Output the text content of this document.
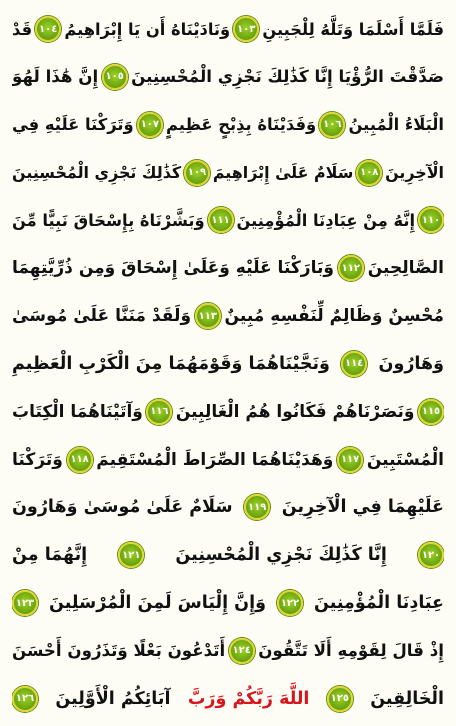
فَلَمَّا أَسْلَمَا وَتَلَّهُ لِلْجَبِينِ
١٠٣
وَنَادَيْنَاهُ أَن يَا إِبْرَاهِيمُ
١٠٤
قَدْ
صَدَّقْتَ الرُّؤْيَا إِنَّا كَذَٰلِكَ نَجْزِي الْمُحْسِنِينَ
١٠٥
إِنَّ هَٰذَا لَهُوَ
الْبَلَاءُ الْمُبِينُ
١٠٦
وَفَدَيْنَاهُ بِذِبْحٍ عَظِيمٍ
١٠٧
وَتَرَكْنَا عَلَيْهِ فِي
الْآخِرِينَ
١٠٨
سَلَامٌ عَلَىٰ إِبْرَاهِيمَ
١٠٩
كَذَٰلِكَ نَجْزِي الْمُحْسِنِينَ
١١٠
إِنَّهُ مِنْ عِبَادِنَا الْمُؤْمِنِينَ
١١١
وَبَشَّرْنَاهُ بِإِسْحَاقَ نَبِيًّا مِّنَ
الصَّالِحِينَ
١١٢
وَبَارَكْنَا عَلَيْهِ وَعَلَىٰ إِسْحَاقَ وَمِن ذُرِّيَّتِهِمَا
مُحْسِنٌ وَظَالِمٌ لِّنَفْسِهِ مُبِينٌ
١١٣
وَلَقَدْ مَنَنَّا عَلَىٰ مُوسَىٰ
وَهَارُونَ
١١٤
وَنَجَّيْنَاهُمَا وَقَوْمَهُمَا مِنَ الْكَرْبِ الْعَظِيمِ
١١٥
وَنَصَرْنَاهُمْ فَكَانُوا هُمُ الْغَالِبِينَ
١١٦
وَآتَيْنَاهُمَا الْكِتَابَ
الْمُسْتَبِينَ
١١٧
وَهَدَيْنَاهُمَا الصِّرَاطَ الْمُسْتَقِيمَ
١١٨
وَتَرَكْنَا
عَلَيْهِمَا فِي الْآخِرِينَ
١١٩
سَلَامٌ عَلَىٰ مُوسَىٰ وَهَارُونَ
١٢٠
إِنَّا كَذَٰلِكَ نَجْزِي الْمُحْسِنِينَ
١٢١
إِنَّهُمَا مِنْ
عِبَادِنَا الْمُؤْمِنِينَ
١٢٢
وَإِنَّ إِلْيَاسَ لَمِنَ الْمُرْسَلِينَ
١٢٣
إِذْ قَالَ لِقَوْمِهِ أَلَا تَتَّقُونَ
١٢٤
أَتَدْعُونَ بَعْلًا وَتَذَرُونَ أَحْسَنَ
الْخَالِقِينَ
١٢٥
اللَّهَ رَبَّكُمْ وَرَبَّ
آبَائِكُمُ الْأَوَّلِينَ
١٢٦
